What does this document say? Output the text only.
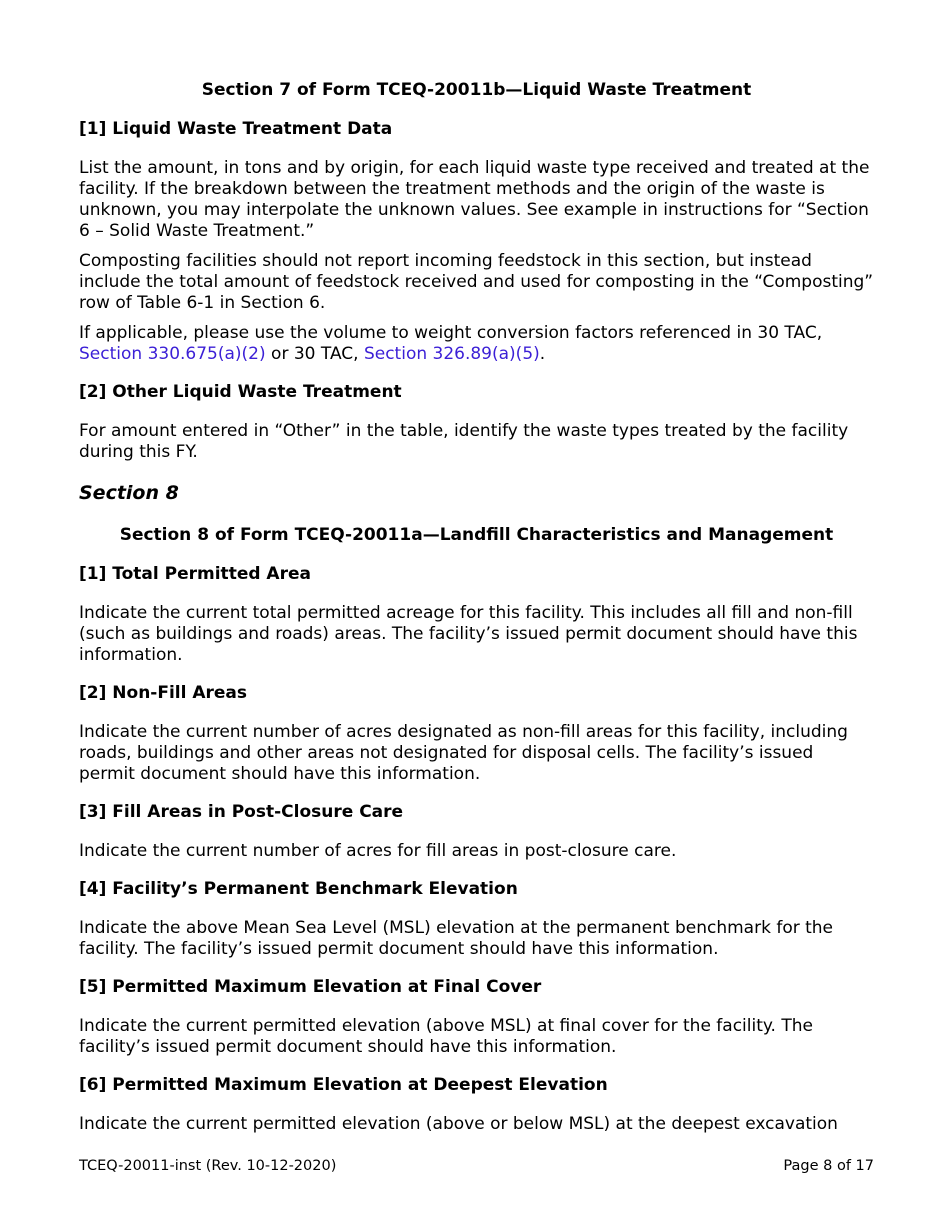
Section 7 of Form TCEQ-20011b—Liquid Waste Treatment
[1] Liquid Waste Treatment Data

List the amount, in tons and by origin, for each liquid waste type received and treated at the facility. If the breakdown between the treatment methods and the origin of the waste is unknown, you may interpolate the unknown values. See example in instructions for “Section 6 – Solid Waste Treatment.”

Composting facilities should not report incoming feedstock in this section, but instead include the total amount of feedstock received and used for composting in the “Composting” row of Table 6-1 in Section 6.

If applicable, please use the volume to weight conversion factors referenced in 30 TAC,
Section 330.675(a)(2) or 30 TAC, Section 326.89(a)(5).

[2] Other Liquid Waste Treatment

For amount entered in “Other” in the table, identify the waste types treated by the facility during this FY.

Section 8
Section 8 of Form TCEQ-20011a—Landfill Characteristics and Management
[1] Total Permitted Area

Indicate the current total permitted acreage for this facility. This includes all fill and non-fill (such as buildings and roads) areas. The facility’s issued permit document should have this information.

[2] Non-Fill Areas

Indicate the current number of acres designated as non-fill areas for this facility, including roads, buildings and other areas not designated for disposal cells. The facility’s issued permit document should have this information.

[3] Fill Areas in Post-Closure Care

Indicate the current number of acres for fill areas in post-closure care.

[4] Facility’s Permanent Benchmark Elevation

Indicate the above Mean Sea Level (MSL) elevation at the permanent benchmark for the facility. The facility’s issued permit document should have this information.

[5] Permitted Maximum Elevation at Final Cover

Indicate the current permitted elevation (above MSL) at final cover for the facility. The facility’s issued permit document should have this information.

[6] Permitted Maximum Elevation at Deepest Elevation

Indicate the current permitted elevation (above or below MSL) at the deepest excavation

TCEQ-20011-inst (Rev. 10-12-2020)	Page 8 of 17
